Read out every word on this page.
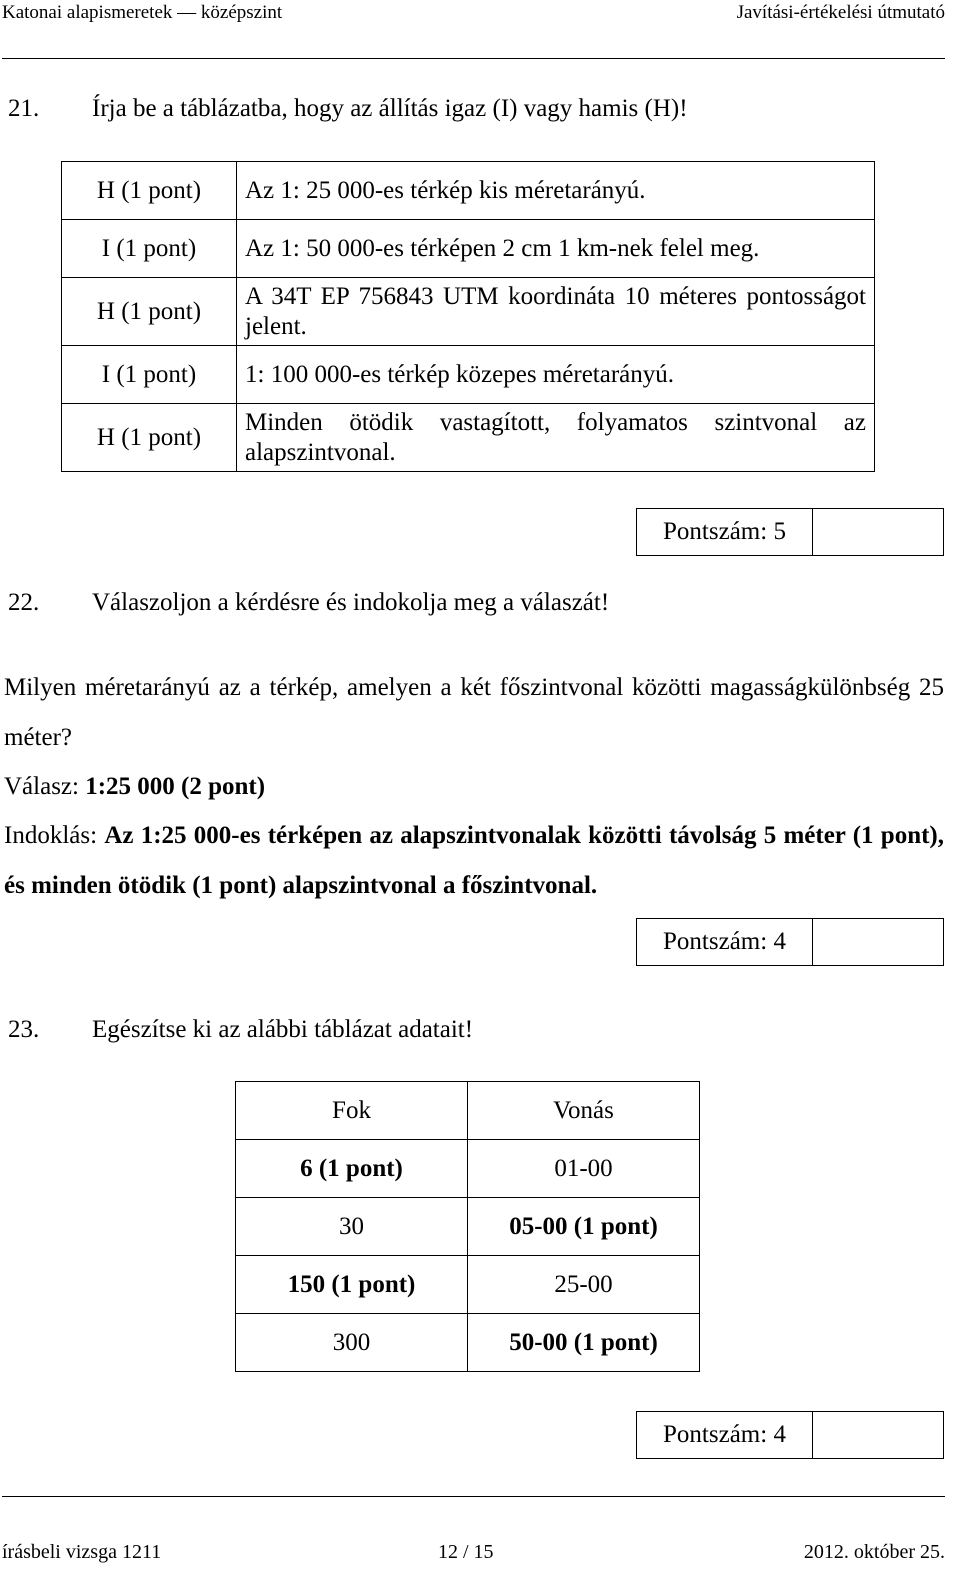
Katonai alapismeretek — középszint	Javítási-értékelési útmutató
21. Írja be a táblázatba, hogy az állítás igaz (I) vagy hamis (H)!
H (1 pont)	Az 1: 25 000-es térkép kis méretarányú.
I (1 pont)	Az 1: 50 000-es térképen 2 cm 1 km-nek felel meg.
H (1 pont)	A 34T EP 756843 UTM koordináta 10 méteres pontosságot jelent.
I (1 pont)	1: 100 000-es térkép közepes méretarányú.
H (1 pont)	Minden ötödik vastagított, folyamatos szintvonal az alapszintvonal.
Pontszám: 5
22. Válaszoljon a kérdésre és indokolja meg a válaszát!
Milyen méretarányú az a térkép, amelyen a két főszintvonal közötti magasságkülönbség 25 méter?
Válasz: 1:25 000 (2 pont)
Indoklás: Az 1:25 000-es térképen az alapszintvonalak közötti távolság 5 méter (1 pont), és minden ötödik (1 pont) alapszintvonal a főszintvonal.
Pontszám: 4
23. Egészítse ki az alábbi táblázat adatait!
Fok	Vonás
6 (1 pont)	01-00
30	05-00 (1 pont)
150 (1 pont)	25-00
300	50-00 (1 pont)
Pontszám: 4
írásbeli vizsga 1211	12 / 15	2012. október 25.
